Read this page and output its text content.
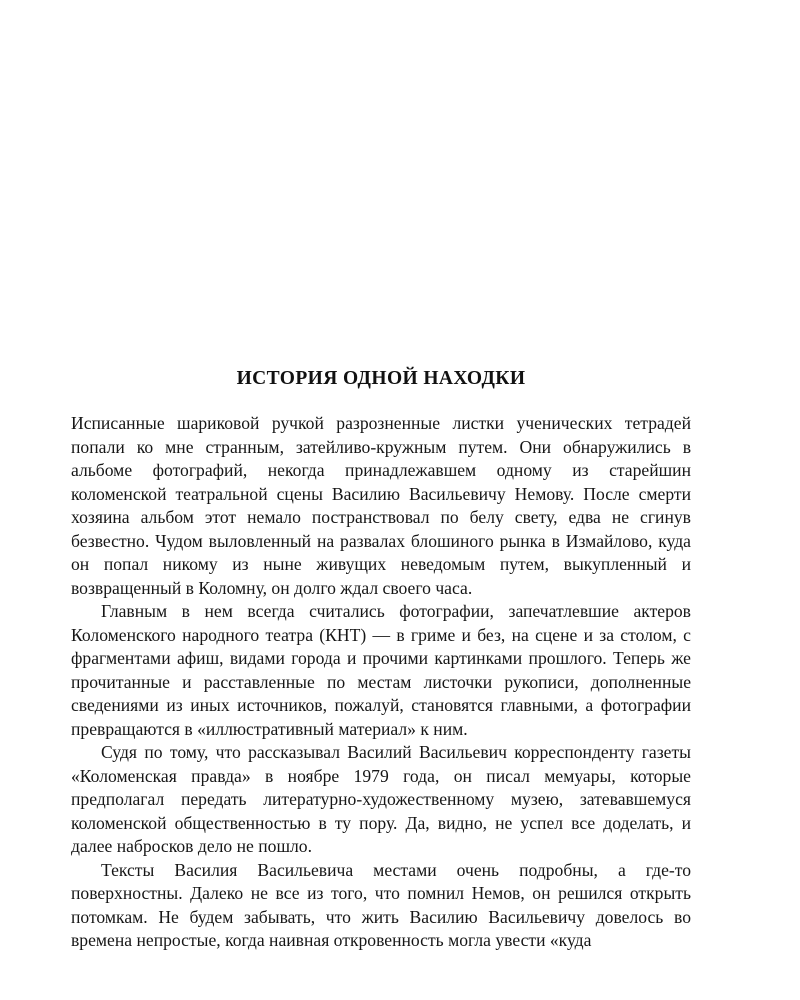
ИСТОРИЯ ОДНОЙ НАХОДКИ

Исписанные шариковой ручкой разрозненные листки ученических тетрадей попали ко мне странным, затейливо-кружным путем. Они обнаружились в альбоме фотографий, некогда принадлежавшем одному из старейшин коломенской театральной сцены Василию Васильевичу Немову. После смерти хозяина альбом этот немало постранствовал по белу свету, едва не сгинув безвестно. Чудом выловленный на развалах блошиного рынка в Измайлово, куда он попал никому из ныне живущих неведомым путем, выкупленный и возвращенный в Коломну, он долго ждал своего часа.

Главным в нем всегда считались фотографии, запечатлевшие актеров Коломенского народного театра (КНТ) — в гриме и без, на сцене и за столом, с фрагментами афиш, видами города и прочими картинками прошлого. Теперь же прочитанные и расставленные по местам листочки рукописи, дополненные сведениями из иных источников, пожалуй, становятся главными, а фотографии превращаются в «иллюстративный материал» к ним.

Судя по тому, что рассказывал Василий Васильевич корреспонденту газеты «Коломенская правда» в ноябре 1979 года, он писал мемуары, которые предполагал передать литературно-художественному музею, затевавшемуся коломенской общественностью в ту пору. Да, видно, не успел все доделать, и далее набросков дело не пошло.

Тексты Василия Васильевича местами очень подробны, а где-то поверхностны. Далеко не все из того, что помнил Немов, он решился открыть потомкам. Не будем забывать, что жить Василию Васильевичу довелось во времена непростые, когда наивная откровенность могла увести «куда
